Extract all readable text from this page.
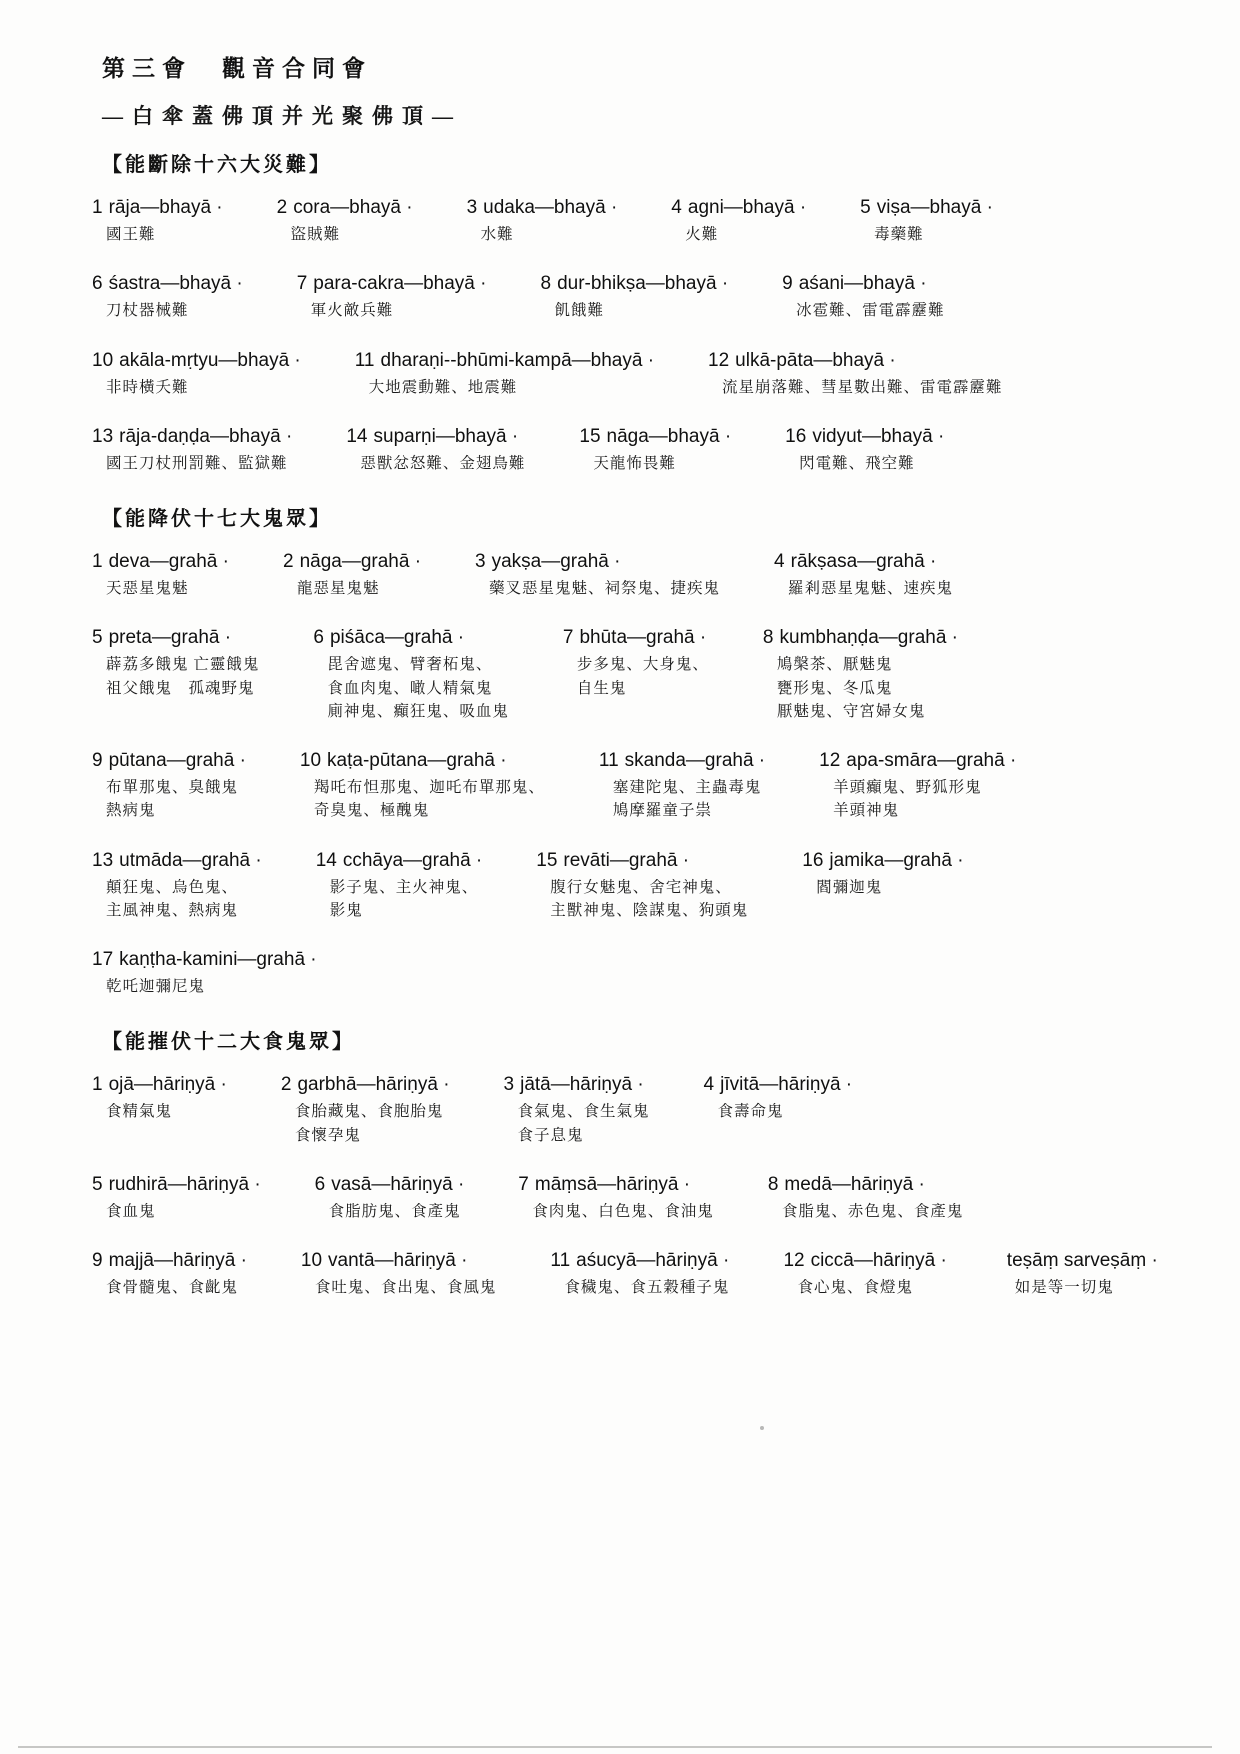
第三會　觀音合同會
—白傘蓋佛頂并光聚佛頂—
【能斷除十六大災難】
1 rāja—bhayā ·
國王難
2 cora—bhayā ·
盜賊難
3 udaka—bhayā ·
水難
4 agni—bhayā ·
火難
5 viṣa—bhayā ·
毒藥難
6 śastra—bhayā ·
刀杖器械難
7 para-cakra—bhayā ·
軍火敵兵難
8 dur-bhikṣa—bhayā ·
飢餓難
9 aśani—bhayā ·
冰雹難、雷電霹靂難
10 akāla-mṛtyu—bhayā ·
非時橫夭難
11 dharaṇi--bhūmi-kampā—bhayā ·
大地震動難、地震難
12 ulkā-pāta—bhayā ·
流星崩落難、彗星數出難、雷電霹靂難
13 rāja-daṇḍa—bhayā ·
國王刀杖刑罰難、監獄難
14 suparṇi—bhayā ·
惡獸忿怒難、金翅鳥難
15 nāga—bhayā ·
天龍怖畏難
16 vidyut—bhayā ·
閃電難、飛空難
【能降伏十七大鬼眾】
1 deva—grahā ·
天惡星鬼魅
2 nāga—grahā ·
龍惡星鬼魅
3 yakṣa—grahā ·
藥叉惡星鬼魅、祠祭鬼、捷疾鬼
4 rākṣasa—grahā ·
羅剎惡星鬼魅、速疾鬼
5 preta—grahā ·
薜荔多餓鬼 亡靈餓鬼
祖父餓鬼　孤魂野鬼
6 piśāca—grahā ·
毘舍遮鬼、臂奢柘鬼、
食血肉鬼、噉人精氣鬼
廁神鬼、癲狂鬼、吸血鬼
7 bhūta—grahā ·
步多鬼、大身鬼、
自生鬼
8 kumbhaṇḍa—grahā ·
鳩槃茶、厭魅鬼
甕形鬼、冬瓜鬼
厭魅鬼、守宮婦女鬼
9 pūtana—grahā ·
布單那鬼、臭餓鬼
熱病鬼
10 kaṭa-pūtana—grahā ·
羯吒布怛那鬼、迦吒布單那鬼、
奇臭鬼、極醜鬼
11 skanda—grahā ·
塞建陀鬼、主蟲毒鬼
鳩摩羅童子祟
12 apa-smāra—grahā ·
羊頭癲鬼、野狐形鬼
羊頭神鬼
13 utmāda—grahā ·
顛狂鬼、烏色鬼、
主風神鬼、熱病鬼
14 cchāya—grahā ·
影子鬼、主火神鬼、
影鬼
15 revāti—grahā ·
腹行女魅鬼、舍宅神鬼、
主獸神鬼、陰謀鬼、狗頭鬼
16 jamika—grahā ·
閻彌迦鬼
17 kaṇṭha-kamini—grahā ·
乾吒迦彌尼鬼
【能摧伏十二大食鬼眾】
1 ojā—hāriṇyā ·
食精氣鬼
2 garbhā—hāriṇyā ·
食胎藏鬼、食胞胎鬼
食懷孕鬼
3 jātā—hāriṇyā ·
食氣鬼、食生氣鬼
食子息鬼
4 jīvitā—hāriṇyā ·
食壽命鬼
5 rudhirā—hāriṇyā ·
食血鬼
6 vasā—hāriṇyā ·
食脂肪鬼、食產鬼
7 māṃsā—hāriṇyā ·
食肉鬼、白色鬼、食油鬼
8 medā—hāriṇyā ·
食脂鬼、赤色鬼、食產鬼
9 majjā—hāriṇyā ·
食骨髓鬼、食齔鬼
10 vantā—hāriṇyā ·
食吐鬼、食出鬼、食風鬼
11 aśucyā—hāriṇyā ·
食穢鬼、食五穀種子鬼
12 ciccā—hāriṇyā ·
食心鬼、食燈鬼
teṣāṃ sarveṣāṃ ·
如是等一切鬼
